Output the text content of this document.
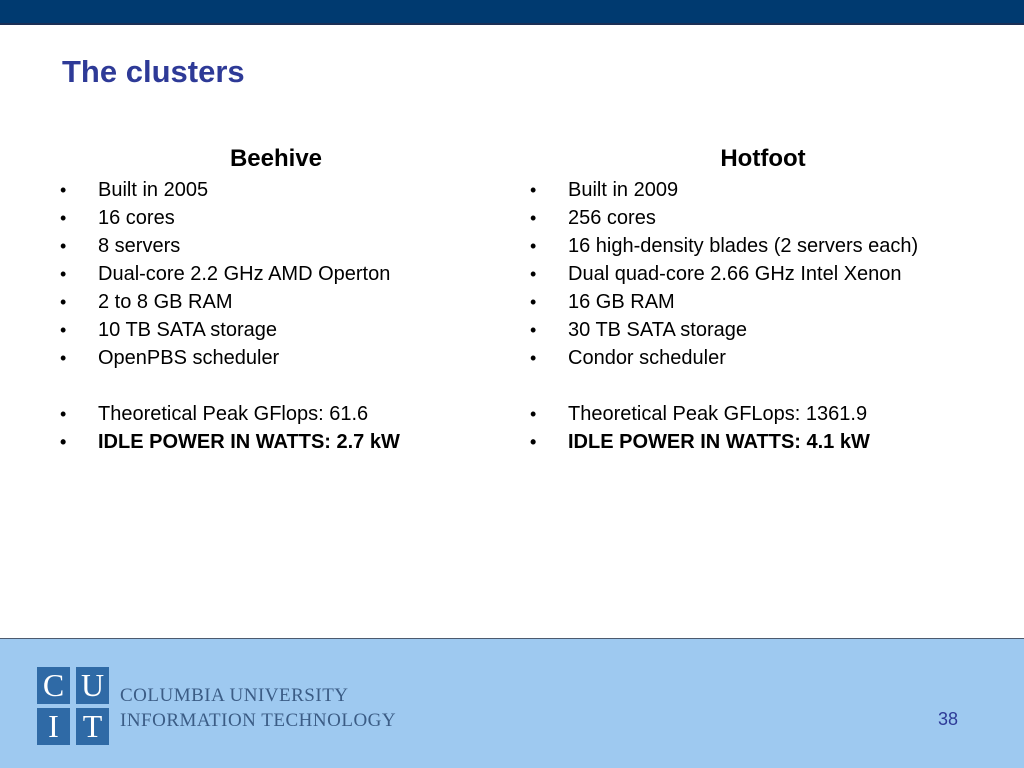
The clusters
Beehive
• Built in 2005
• 16 cores
• 8 servers
• Dual-core 2.2 GHz AMD Operton
• 2 to 8 GB RAM
• 10 TB SATA storage
• OpenPBS scheduler
• Theoretical Peak GFlops: 61.6
• IDLE POWER IN WATTS: 2.7 kW
Hotfoot
• Built in 2009
• 256 cores
• 16 high-density blades (2 servers each)
• Dual quad-core 2.66 GHz Intel Xenon
• 16 GB RAM
• 30 TB SATA storage
• Condor scheduler
• Theoretical Peak GFLops: 1361.9
• IDLE POWER IN WATTS: 4.1 kW
C U
I T
COLUMBIA UNIVERSITY
INFORMATION TECHNOLOGY	38
